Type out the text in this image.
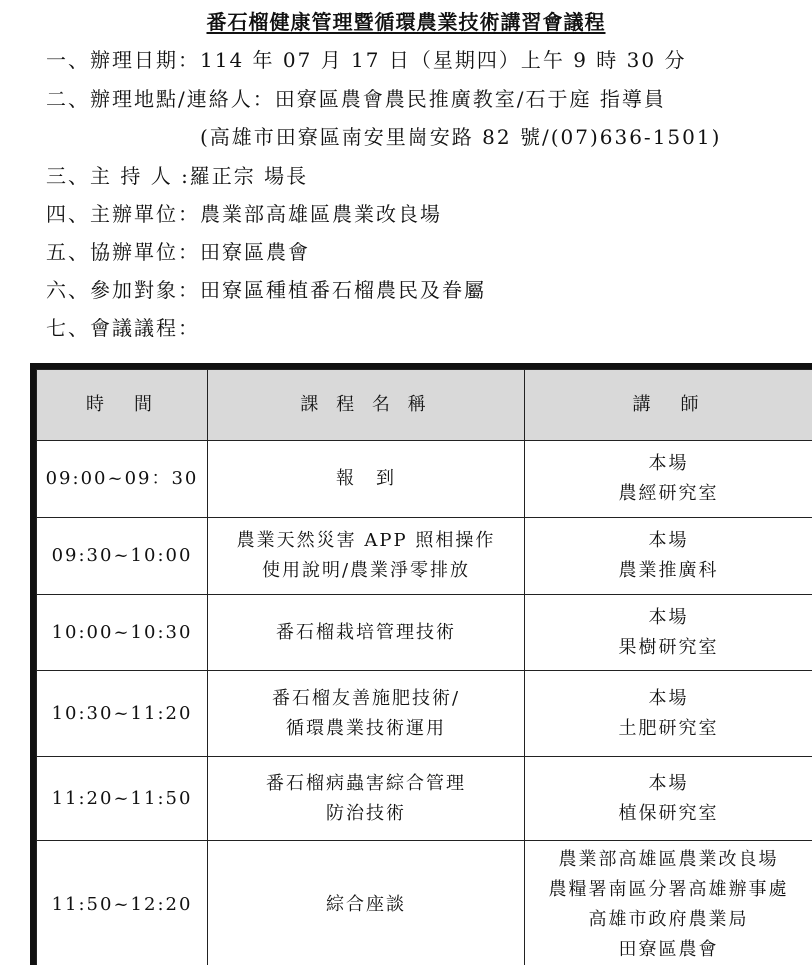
番石榴健康管理暨循環農業技術講習會議程
一、辦理日期：114 年 07 月 17 日（星期四）上午 9 時 30 分
二、辦理地點/連絡人：田寮區農會農民推廣教室/石于庭 指導員
(高雄市田寮區南安里崗安路 82 號/(07)636-1501)
三、主 持 人 :羅正宗 場長
四、主辦單位：農業部高雄區農業改良場
五、協辦單位：田寮區農會
六、參加對象：田寮區種植番石榴農民及眷屬
七、會議議程：
時　間	課 程 名 稱	講　師
09:00~09：30	報　到	本場
農經研究室

09:30~10:00	農業天然災害 APP 照相操作
使用說明/農業淨零排放	本場
農業推廣科

10:00~10:30	番石榴栽培管理技術	本場
果樹研究室

10:30~11:20	番石榴友善施肥技術/
循環農業技術運用	本場
土肥研究室

11:20~11:50	番石榴病蟲害綜合管理
防治技術	本場
植保研究室

11:50~12:20	綜合座談	農業部高雄區農業改良場
農糧署南區分署高雄辦事處
高雄市政府農業局
田寮區農會
